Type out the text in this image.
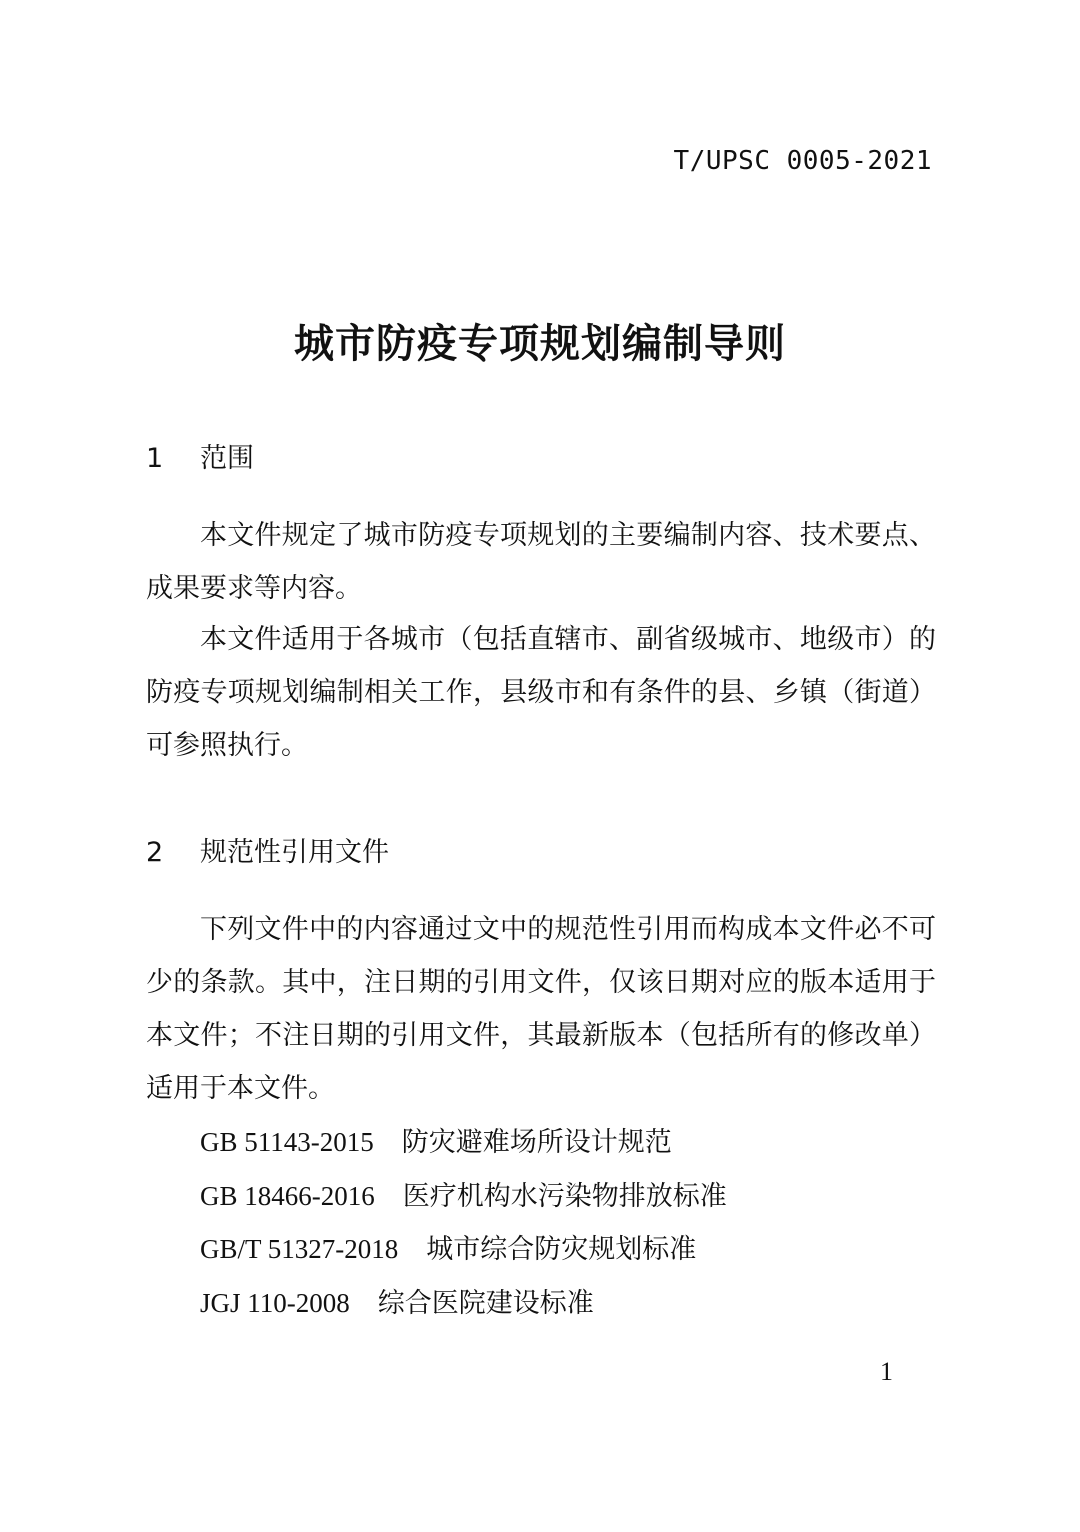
T/UPSC 0005-2021
城市防疫专项规划编制导则
1 范围

本文件规定了城市防疫专项规划的主要编制内容、技术要点、成果要求等内容。

本文件适用于各城市（包括直辖市、副省级城市、地级市）的防疫专项规划编制相关工作，县级市和有条件的县、乡镇（街道）可参照执行。

2 规范性引用文件

下列文件中的内容通过文中的规范性引用而构成本文件必不可少的条款。其中，注日期的引用文件，仅该日期对应的版本适用于本文件；不注日期的引用文件，其最新版本（包括所有的修改单）适用于本文件。

GB 51143-2015 防灾避难场所设计规范
GB 18466-2016 医疗机构水污染物排放标准
GB/T 51327-2018 城市综合防灾规划标准
JGJ 110-2008 综合医院建设标准
1
